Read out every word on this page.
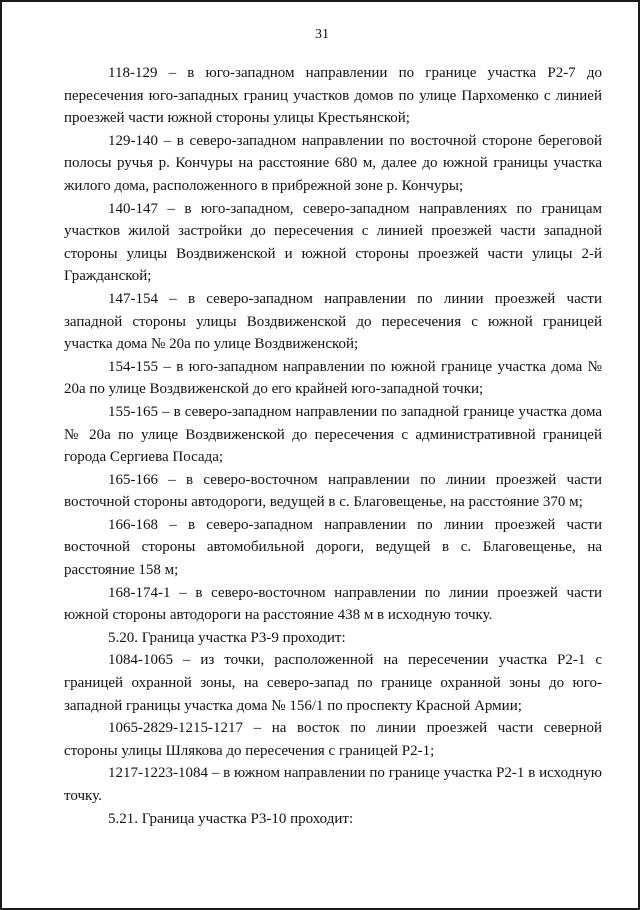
31

118-129 – в юго-западном направлении по границе участка Р2-7 до пересечения юго-западных границ участков домов по улице Пархоменко с линией проезжей части южной стороны улицы Крестьянской;

129-140 – в северо-западном направлении по восточной стороне береговой полосы ручья р. Кончуры на расстояние 680 м, далее до южной границы участка жилого дома, расположенного в прибрежной зоне р. Кончуры;

140-147 – в юго-западном, северо-западном направлениях по границам участков жилой застройки до пересечения с линией проезжей части западной стороны улицы Воздвиженской и южной стороны проезжей части улицы 2-й Гражданской;

147-154 – в северо-западном направлении по линии проезжей части западной стороны улицы Воздвиженской до пересечения с южной границей участка дома № 20а по улице Воздвиженской;

154-155 – в юго-западном направлении по южной границе участка дома № 20а по улице Воздвиженской до его крайней юго-западной точки;

155-165 – в северо-западном направлении по западной границе участка дома № 20а по улице Воздвиженской до пересечения с административной границей города Сергиева Посада;

165-166 – в северо-восточном направлении по линии проезжей части восточной стороны автодороги, ведущей в с. Благовещенье, на расстояние 370 м;

166-168 – в северо-западном направлении по линии проезжей части восточной стороны автомобильной дороги, ведущей в с. Благовещенье, на расстояние 158 м;

168-174-1 – в северо-восточном направлении по линии проезжей части южной стороны автодороги на расстояние 438 м в исходную точку.

5.20. Граница участка Р3-9 проходит:

1084-1065 – из точки, расположенной на пересечении участка Р2-1 с границей охранной зоны, на северо-запад по границе охранной зоны до юго-западной границы участка дома № 156/1 по проспекту Красной Армии;

1065-2829-1215-1217 – на восток по линии проезжей части северной стороны улицы Шлякова до пересечения с границей Р2-1;

1217-1223-1084 – в южном направлении по границе участка Р2-1 в исходную точку.

5.21. Граница участка Р3-10 проходит:
